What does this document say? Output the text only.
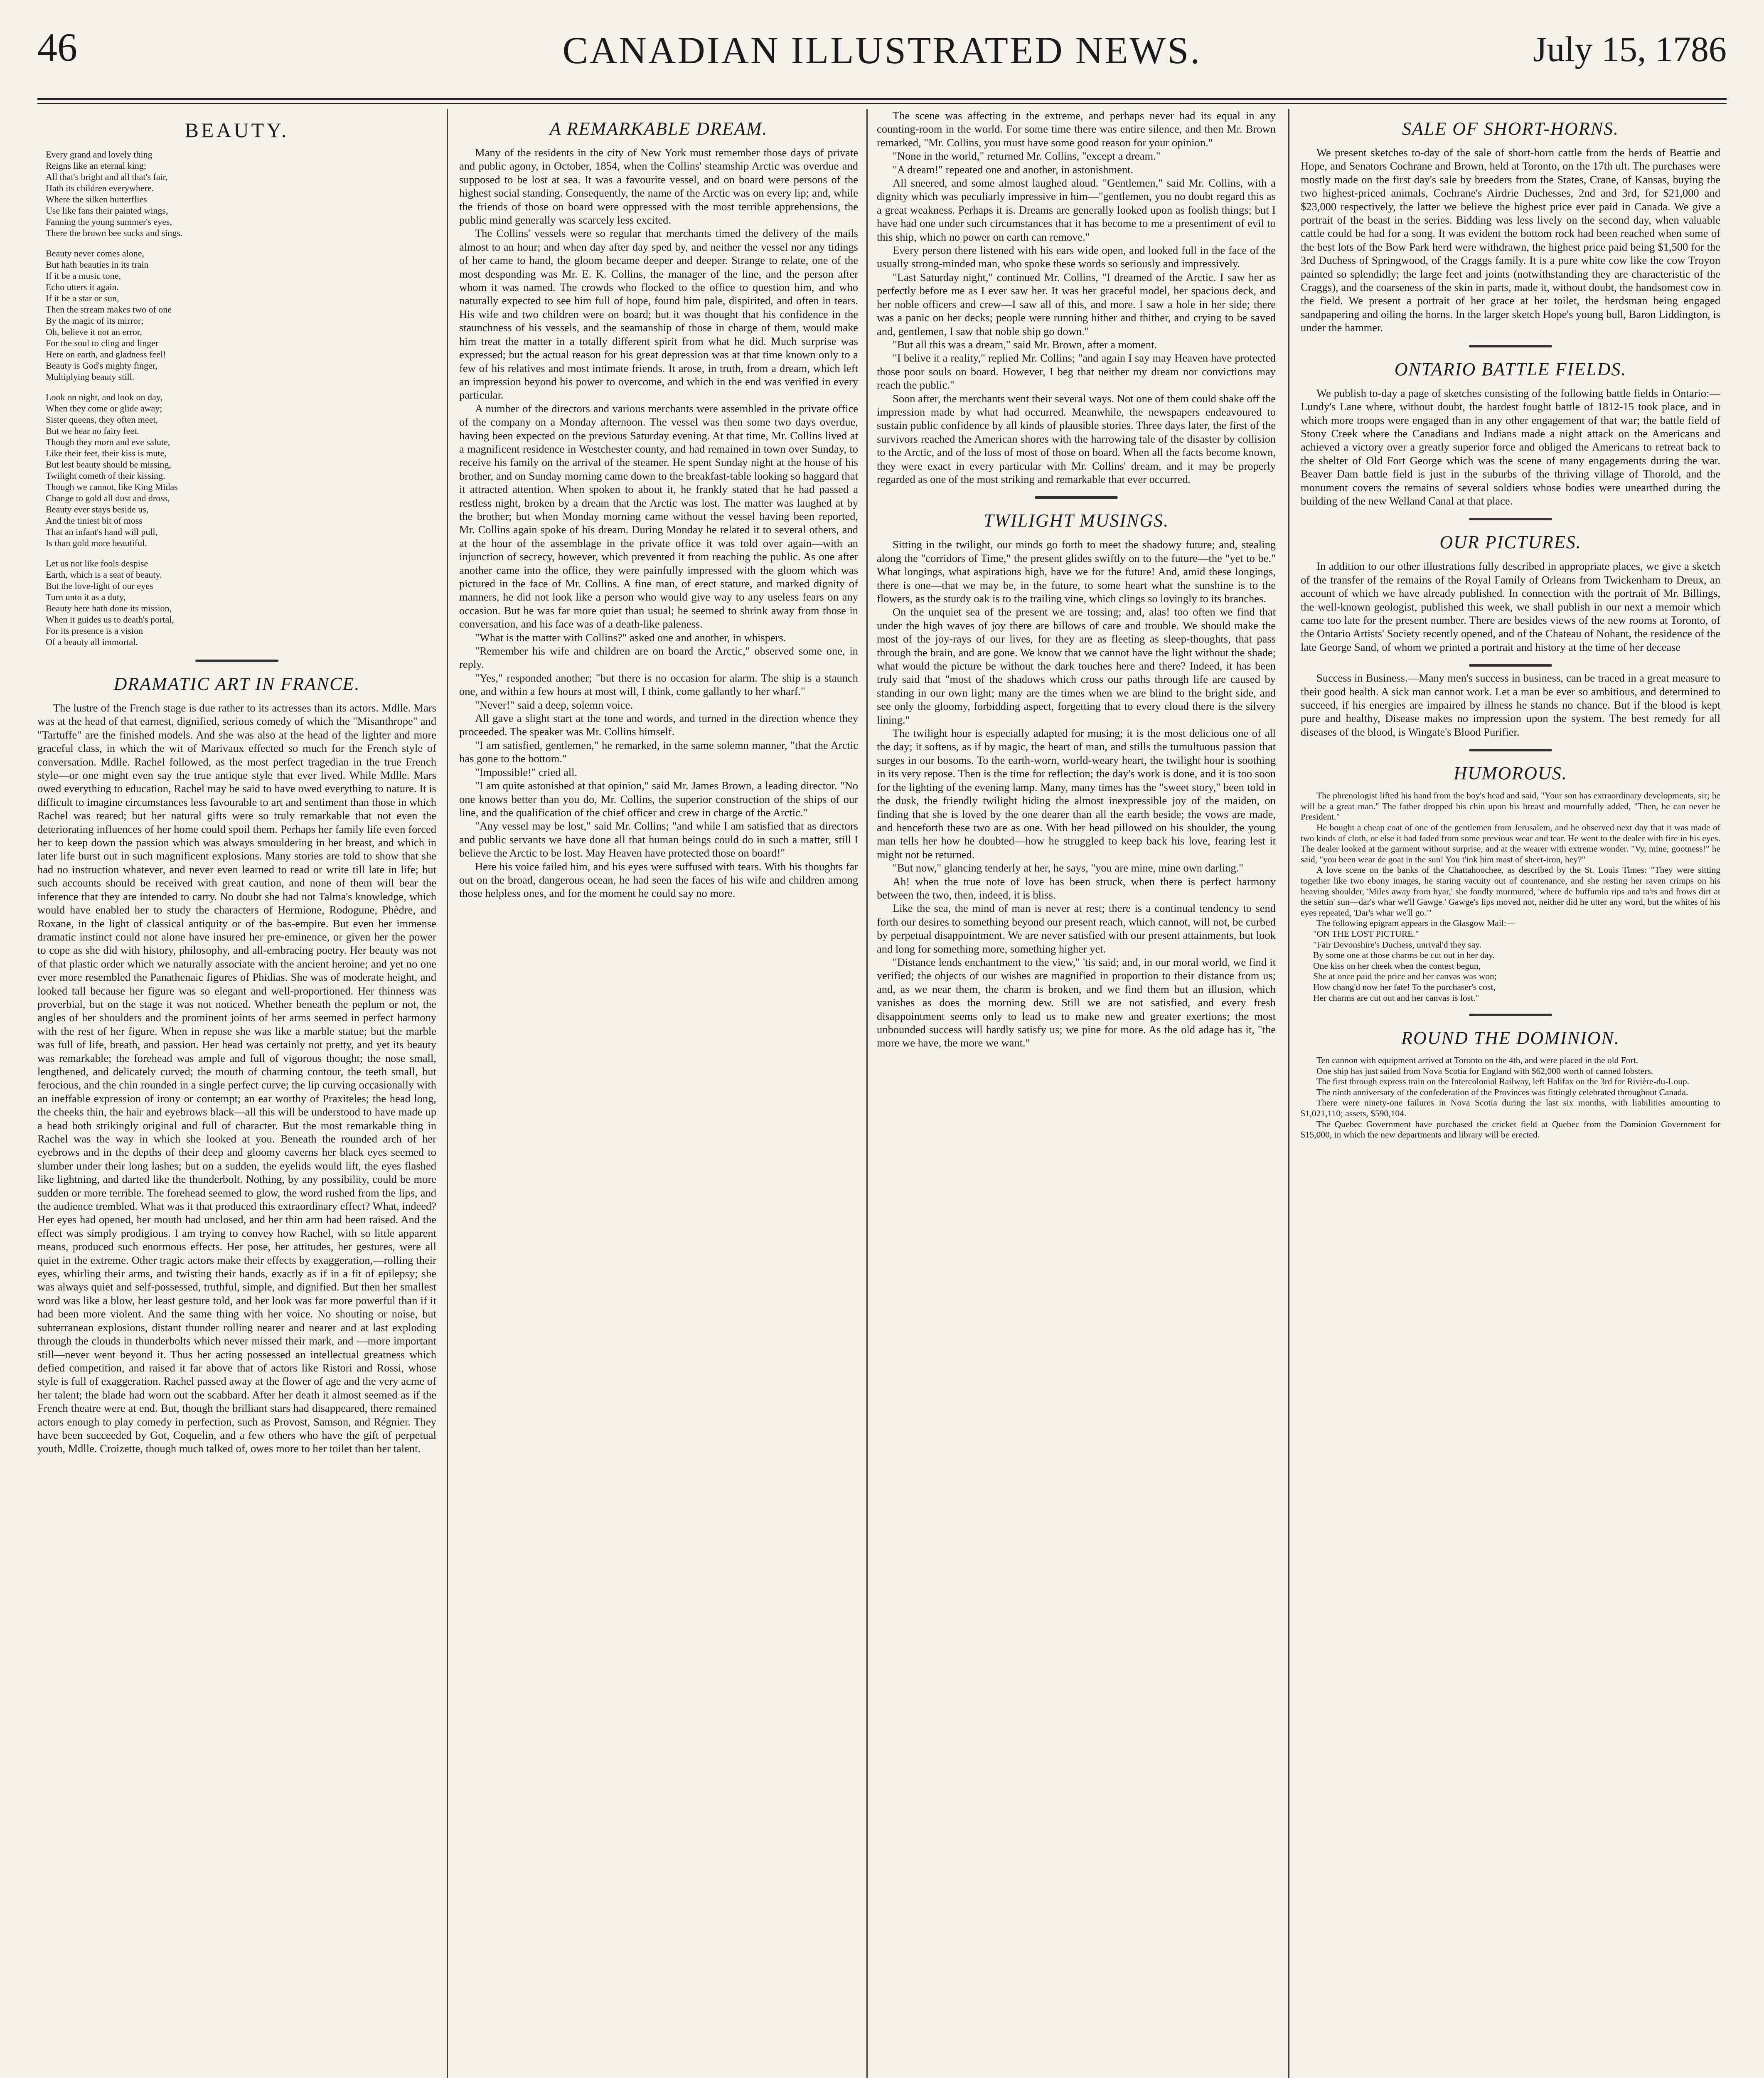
46	CANADIAN ILLUSTRATED NEWS.	July 15, 1786
BEAUTY.

Every grand and lovely thing
Reigns like an eternal king;
All that's bright and all that's fair,
Hath its children everywhere.
Where the silken butterflies
Use like fans their painted wings,
Fanning the young summer's eyes,
There the brown bee sucks and sings.

Beauty never comes alone,
But hath beauties in its train
If it be a music tone,
Echo utters it again.
If it be a star or sun,
Then the stream makes two of one
By the magic of its mirror;
Oh, believe it not an error,
For the soul to cling and linger
Here on earth, and gladness feel!
Beauty is God's mighty finger,
Multiplying beauty still.

Look on night, and look on day,
When they come or glide away;
Sister queens, they often meet,
But we hear no fairy feet.
Though they morn and eve salute,
Like their feet, their kiss is mute,
But lest beauty should be missing,
Twilight cometh of their kissing.
Though we cannot, like King Midas
Change to gold all dust and dross,
Beauty ever stays beside us,
And the tiniest bit of moss
That an infant's hand will pull,
Is than gold more beautiful.

Let us not like fools despise
Earth, which is a seat of beauty.
But the love-light of our eyes
Turn unto it as a duty,
Beauty here hath done its mission,
When it guides us to death's portal,
For its presence is a vision
Of a beauty all immortal.

DRAMATIC ART IN FRANCE.

The lustre of the French stage is due rather to its actresses than its actors. Mdlle. Mars was at the head of that earnest, dignified, serious comedy of which the "Misanthrope" and "Tartuffe" are the finished models. And she was also at the head of the lighter and more graceful class, in which the wit of Marivaux effected so much for the French style of conversation. Mdlle. Rachel followed, as the most perfect tragedian in the true French style—or one might even say the true antique style that ever lived. While Mdlle. Mars owed everything to education, Rachel may be said to have owed everything to nature. It is difficult to imagine circumstances less favourable to art and sentiment than those in which Rachel was reared; but her natural gifts were so truly remarkable that not even the deteriorating influences of her home could spoil them. Perhaps her family life even forced her to keep down the passion which was always smouldering in her breast, and which in later life burst out in such magnificent explosions. Many stories are told to show that she had no instruction whatever, and never even learned to read or write till late in life; but such accounts should be received with great caution, and none of them will bear the inference that they are intended to carry. No doubt she had not Talma's knowledge, which would have enabled her to study the characters of Hermione, Rodogune, Phèdre, and Roxane, in the light of classical antiquity or of the bas-empire. But even her immense dramatic instinct could not alone have insured her pre-eminence, or given her the power to cope as she did with history, philosophy, and all-embracing poetry. Her beauty was not of that plastic order which we naturally associate with the ancient heroine; and yet no one ever more resembled the Panathenaic figures of Phidias. She was of moderate height, and looked tall because her figure was so elegant and well-proportioned. Her thinness was proverbial, but on the stage it was not noticed. Whether beneath the peplum or not, the angles of her shoulders and the prominent joints of her arms seemed in perfect harmony with the rest of her figure. When in repose she was like a marble statue; but the marble was full of life, breath, and passion. Her head was certainly not pretty, and yet its beauty was remarkable; the forehead was ample and full of vigorous thought; the nose small, lengthened, and delicately curved; the mouth of charming contour, the teeth small, but ferocious, and the chin rounded in a single perfect curve; the lip curving occasionally with an ineffable expression of irony or contempt; an ear worthy of Praxiteles; the head long, the cheeks thin, the hair and eyebrows black—all this will be understood to have made up a head both strikingly original and full of character. But the most remarkable thing in Rachel was the way in which she looked at you. Beneath the rounded arch of her eyebrows and in the depths of their deep and gloomy caverns her black eyes seemed to slumber under their long lashes; but on a sudden, the eyelids would lift, the eyes flashed like lightning, and darted like the thunderbolt. Nothing, by any possibility, could be more sudden or more terrible. The forehead seemed to glow, the word rushed from the lips, and the audience trembled. What was it that produced this extraordinary effect? What, indeed? Her eyes had opened, her mouth had unclosed, and her thin arm had been raised. And the effect was simply prodigious. I am trying to convey how Rachel, with so little apparent means, produced such enormous effects. Her pose, her attitudes, her gestures, were all quiet in the extreme. Other tragic actors make their effects by exaggeration,—rolling their eyes, whirling their arms, and twisting their hands, exactly as if in a fit of epilepsy; she was always quiet and self-possessed, truthful, simple, and dignified. But then her smallest word was like a blow, her least gesture told, and her look was far more powerful than if it had been more violent. And the same thing with her voice. No shouting or noise, but subterranean explosions, distant thunder rolling nearer and nearer and at last exploding through the clouds in thunderbolts which never missed their mark, and —more important still—never went beyond it. Thus her acting possessed an intellectual greatness which defied competition, and raised it far above that of actors like Ristori and Rossi, whose style is full of exaggeration. Rachel passed away at the flower of age and the very acme of her talent; the blade had worn out the scabbard. After her death it almost seemed as if the French theatre were at end. But, though the brilliant stars had disappeared, there remained actors enough to play comedy in perfection, such as Provost, Samson, and Régnier. They have been succeeded by Got, Coquelin, and a few others who have the gift of perpetual youth, Mdlle. Croizette, though much talked of, owes more to her toilet than her talent.

A REMARKABLE DREAM.

Many of the residents in the city of New York must remember those days of private and public agony, in October, 1854, when the Collins' steamship Arctic was overdue and supposed to be lost at sea. It was a favourite vessel, and on board were persons of the highest social standing. Consequently, the name of the Arctic was on every lip; and, while the friends of those on board were oppressed with the most terrible apprehensions, the public mind generally was scarcely less excited.

The Collins' vessels were so regular that merchants timed the delivery of the mails almost to an hour; and when day after day sped by, and neither the vessel nor any tidings of her came to hand, the gloom became deeper and deeper. Strange to relate, one of the most desponding was Mr. E. K. Collins, the manager of the line, and the person after whom it was named. The crowds who flocked to the office to question him, and who naturally expected to see him full of hope, found him pale, dispirited, and often in tears. His wife and two children were on board; but it was thought that his confidence in the staunchness of his vessels, and the seamanship of those in charge of them, would make him treat the matter in a totally different spirit from what he did. Much surprise was expressed; but the actual reason for his great depression was at that time known only to a few of his relatives and most intimate friends. It arose, in truth, from a dream, which left an impression beyond his power to overcome, and which in the end was verified in every particular.

A number of the directors and various merchants were assembled in the private office of the company on a Monday afternoon. The vessel was then some two days overdue, having been expected on the previous Saturday evening. At that time, Mr. Collins lived at a magnificent residence in Westchester county, and had remained in town over Sunday, to receive his family on the arrival of the steamer. He spent Sunday night at the house of his brother, and on Sunday morning came down to the breakfast-table looking so haggard that it attracted attention. When spoken to about it, he frankly stated that he had passed a restless night, broken by a dream that the Arctic was lost. The matter was laughed at by the brother; but when Monday morning came without the vessel having been reported, Mr. Collins again spoke of his dream. During Monday he related it to several others, and at the hour of the assemblage in the private office it was told over again—with an injunction of secrecy, however, which prevented it from reaching the public. As one after another came into the office, they were painfully impressed with the gloom which was pictured in the face of Mr. Collins. A fine man, of erect stature, and marked dignity of manners, he did not look like a person who would give way to any useless fears on any occasion. But he was far more quiet than usual; he seemed to shrink away from those in conversation, and his face was of a death-like paleness.

"What is the matter with Collins?" asked one and another, in whispers.

"Remember his wife and children are on board the Arctic," observed some one, in reply.

"Yes," responded another; "but there is no occasion for alarm. The ship is a staunch one, and within a few hours at most will, I think, come gallantly to her wharf."

"Never!" said a deep, solemn voice.

All gave a slight start at the tone and words, and turned in the direction whence they proceeded. The speaker was Mr. Collins himself.

"I am satisfied, gentlemen," he remarked, in the same solemn manner, "that the Arctic has gone to the bottom."

"Impossible!" cried all.

"I am quite astonished at that opinion," said Mr. James Brown, a leading director. "No one knows better than you do, Mr. Collins, the superior construction of the ships of our line, and the qualification of the chief officer and crew in charge of the Arctic."

"Any vessel may be lost," said Mr. Collins; "and while I am satisfied that as directors and public servants we have done all that human beings could do in such a matter, still I believe the Arctic to be lost. May Heaven have protected those on board!"

Here his voice failed him, and his eyes were suffused with tears. With his thoughts far out on the broad, dangerous ocean, he had seen the faces of his wife and children among those helpless ones, and for the moment he could say no more.

The scene was affecting in the extreme, and perhaps never had its equal in any counting-room in the world. For some time there was entire silence, and then Mr. Brown remarked, "Mr. Collins, you must have some good reason for your opinion."

"None in the world," returned Mr. Collins, "except a dream."

"A dream!" repeated one and another, in astonishment.

All sneered, and some almost laughed aloud. "Gentlemen," said Mr. Collins, with a dignity which was peculiarly impressive in him—"gentlemen, you no doubt regard this as a great weakness. Perhaps it is. Dreams are generally looked upon as foolish things; but I have had one under such circumstances that it has become to me a presentiment of evil to this ship, which no power on earth can remove."

Every person there listened with his ears wide open, and looked full in the face of the usually strong-minded man, who spoke these words so seriously and impressively.

"Last Saturday night," continued Mr. Collins, "I dreamed of the Arctic. I saw her as perfectly before me as I ever saw her. It was her graceful model, her spacious deck, and her noble officers and crew—I saw all of this, and more. I saw a hole in her side; there was a panic on her decks; people were running hither and thither, and crying to be saved and, gentlemen, I saw that noble ship go down."

"But all this was a dream," said Mr. Brown, after a moment.

"I belive it a reality," replied Mr. Collins; "and again I say may Heaven have protected those poor souls on board. However, I beg that neither my dream nor convictions may reach the public."

Soon after, the merchants went their several ways. Not one of them could shake off the impression made by what had occurred. Meanwhile, the newspapers endeavoured to sustain public confidence by all kinds of plausible stories. Three days later, the first of the survivors reached the American shores with the harrowing tale of the disaster by collision to the Arctic, and of the loss of most of those on board. When all the facts become known, they were exact in every particular with Mr. Collins' dream, and it may be properly regarded as one of the most striking and remarkable that ever occurred.

TWILIGHT MUSINGS.

Sitting in the twilight, our minds go forth to meet the shadowy future; and, stealing along the "corridors of Time," the present glides swiftly on to the future—the "yet to be." What longings, what aspirations high, have we for the future! And, amid these longings, there is one—that we may be, in the future, to some heart what the sunshine is to the flowers, as the sturdy oak is to the trailing vine, which clings so lovingly to its branches.

On the unquiet sea of the present we are tossing; and, alas! too often we find that under the high waves of joy there are billows of care and trouble. We should make the most of the joy-rays of our lives, for they are as fleeting as sleep-thoughts, that pass through the brain, and are gone. We know that we cannot have the light without the shade; what would the picture be without the dark touches here and there? Indeed, it has been truly said that "most of the shadows which cross our paths through life are caused by standing in our own light; many are the times when we are blind to the bright side, and see only the gloomy, forbidding aspect, forgetting that to every cloud there is the silvery lining."

The twilight hour is especially adapted for musing; it is the most delicious one of all the day; it softens, as if by magic, the heart of man, and stills the tumultuous passion that surges in our bosoms. To the earth-worn, world-weary heart, the twilight hour is soothing in its very repose. Then is the time for reflection; the day's work is done, and it is too soon for the lighting of the evening lamp. Many, many times has the "sweet story," been told in the dusk, the friendly twilight hiding the almost inexpressible joy of the maiden, on finding that she is loved by the one dearer than all the earth beside; the vows are made, and henceforth these two are as one. With her head pillowed on his shoulder, the young man tells her how he doubted—how he struggled to keep back his love, fearing lest it might not be returned.

"But now," glancing tenderly at her, he says, "you are mine, mine own darling."

Ah! when the true note of love has been struck, when there is perfect harmony between the two, then, indeed, it is bliss.

Like the sea, the mind of man is never at rest; there is a continual tendency to send forth our desires to something beyond our present reach, which cannot, will not, be curbed by perpetual disappointment. We are never satisfied with our present attainments, but look and long for something more, something higher yet.

"Distance lends enchantment to the view," 'tis said; and, in our moral world, we find it verified; the objects of our wishes are magnified in proportion to their distance from us; and, as we near them, the charm is broken, and we find them but an illusion, which vanishes as does the morning dew. Still we are not satisfied, and every fresh disappointment seems only to lead us to make new and greater exertions; the most unbounded success will hardly satisfy us; we pine for more. As the old adage has it, "the more we have, the more we want."

SALE OF SHORT-HORNS.

We present sketches to-day of the sale of short-horn cattle from the herds of Beattie and Hope, and Senators Cochrane and Brown, held at Toronto, on the 17th ult. The purchases were mostly made on the first day's sale by breeders from the States, Crane, of Kansas, buying the two highest-priced animals, Cochrane's Airdrie Duchesses, 2nd and 3rd, for $21,000 and $23,000 respectively, the latter we believe the highest price ever paid in Canada. We give a portrait of the beast in the series. Bidding was less lively on the second day, when valuable cattle could be had for a song. It was evident the bottom rock had been reached when some of the best lots of the Bow Park herd were withdrawn, the highest price paid being $1,500 for the 3rd Duchess of Springwood, of the Craggs family. It is a pure white cow like the cow Troyon painted so splendidly; the large feet and joints (notwithstanding they are characteristic of the Craggs), and the coarseness of the skin in parts, made it, without doubt, the handsomest cow in the field. We present a portrait of her grace at her toilet, the herdsman being engaged sandpapering and oiling the horns. In the larger sketch Hope's young bull, Baron Liddington, is under the hammer.

ONTARIO BATTLE FIELDS.

We publish to-day a page of sketches consisting of the following battle fields in Ontario:—Lundy's Lane where, without doubt, the hardest fought battle of 1812-15 took place, and in which more troops were engaged than in any other engagement of that war; the battle field of Stony Creek where the Canadians and Indians made a night attack on the Americans and achieved a victory over a greatly superior force and obliged the Americans to retreat back to the shelter of Old Fort George which was the scene of many engagements during the war. Beaver Dam battle field is just in the suburbs of the thriving village of Thorold, and the monument covers the remains of several soldiers whose bodies were unearthed during the building of the new Welland Canal at that place.

OUR PICTURES.

In addition to our other illustrations fully described in appropriate places, we give a sketch of the transfer of the remains of the Royal Family of Orleans from Twickenham to Dreux, an account of which we have already published. In connection with the portrait of Mr. Billings, the well-known geologist, published this week, we shall publish in our next a memoir which came too late for the present number. There are besides views of the new rooms at Toronto, of the Ontario Artists' Society recently opened, and of the Chateau of Nohant, the residence of the late George Sand, of whom we printed a portrait and history at the time of her decease

Success in Business.—Many men's success in business, can be traced in a great measure to their good health. A sick man cannot work. Let a man be ever so ambitious, and determined to succeed, if his energies are impaired by illness he stands no chance. But if the blood is kept pure and healthy, Disease makes no impression upon the system. The best remedy for all diseases of the blood, is Wingate's Blood Purifier.

HUMOROUS.

The phrenologist lifted his hand from the boy's head and said, "Your son has extraordinary developments, sir; he will be a great man." The father dropped his chin upon his breast and mournfully added, "Then, he can never be President."

He bought a cheap coat of one of the gentlemen from Jerusalem, and he observed next day that it was made of two kinds of cloth, or else it had faded from some previous wear and tear. He went to the dealer with fire in his eyes. The dealer looked at the garment without surprise, and at the wearer with extreme wonder. "Vy, mine, gootness!" he said, "you been wear de goat in the sun! You t'ink him mast of sheet-iron, hey?"

A love scene on the banks of the Chattahoochee, as described by the St. Louis Times: "They were sitting together like two ebony images, he staring vacuity out of countenance, and she resting her raven crimps on his heaving shoulder, 'Miles away from hyar,' she fondly murmured, 'where de buffumlo rips and ta'rs and frows dirt at the settin' sun—dar's whar we'll Gawge.' Gawge's lips moved not, neither did he utter any word, but the whites of his eyes repeated, 'Dar's whar we'll go.'"

The following epigram appears in the Glasgow Mail:—

"ON THE LOST PICTURE."
"Fair Devonshire's Duchess, unrival'd they say.
By some one at those charms be cut out in her day.
One kiss on her cheek when the contest begun,
She at once paid the price and her canvas was won;
How chang'd now her fate! To the purchaser's cost,
Her charms are cut out and her canvas is lost."

ROUND THE DOMINION.

Ten cannon with equipment arrived at Toronto on the 4th, and were placed in the old Fort.

One ship has just sailed from Nova Scotia for England with $62,000 worth of canned lobsters.

The first through express train on the Intercolonial Railway, left Halifax on the 3rd for Rivière-du-Loup.

The ninth anniversary of the confederation of the Provinces was fittingly celebrated throughout Canada.

There were ninety-one failures in Nova Scotia during the last six months, with liabilities amounting to $1,021,110; assets, $590,104.

The Quebec Government have purchased the cricket field at Quebec from the Dominion Government for $15,000, in which the new departments and library will be erected.
